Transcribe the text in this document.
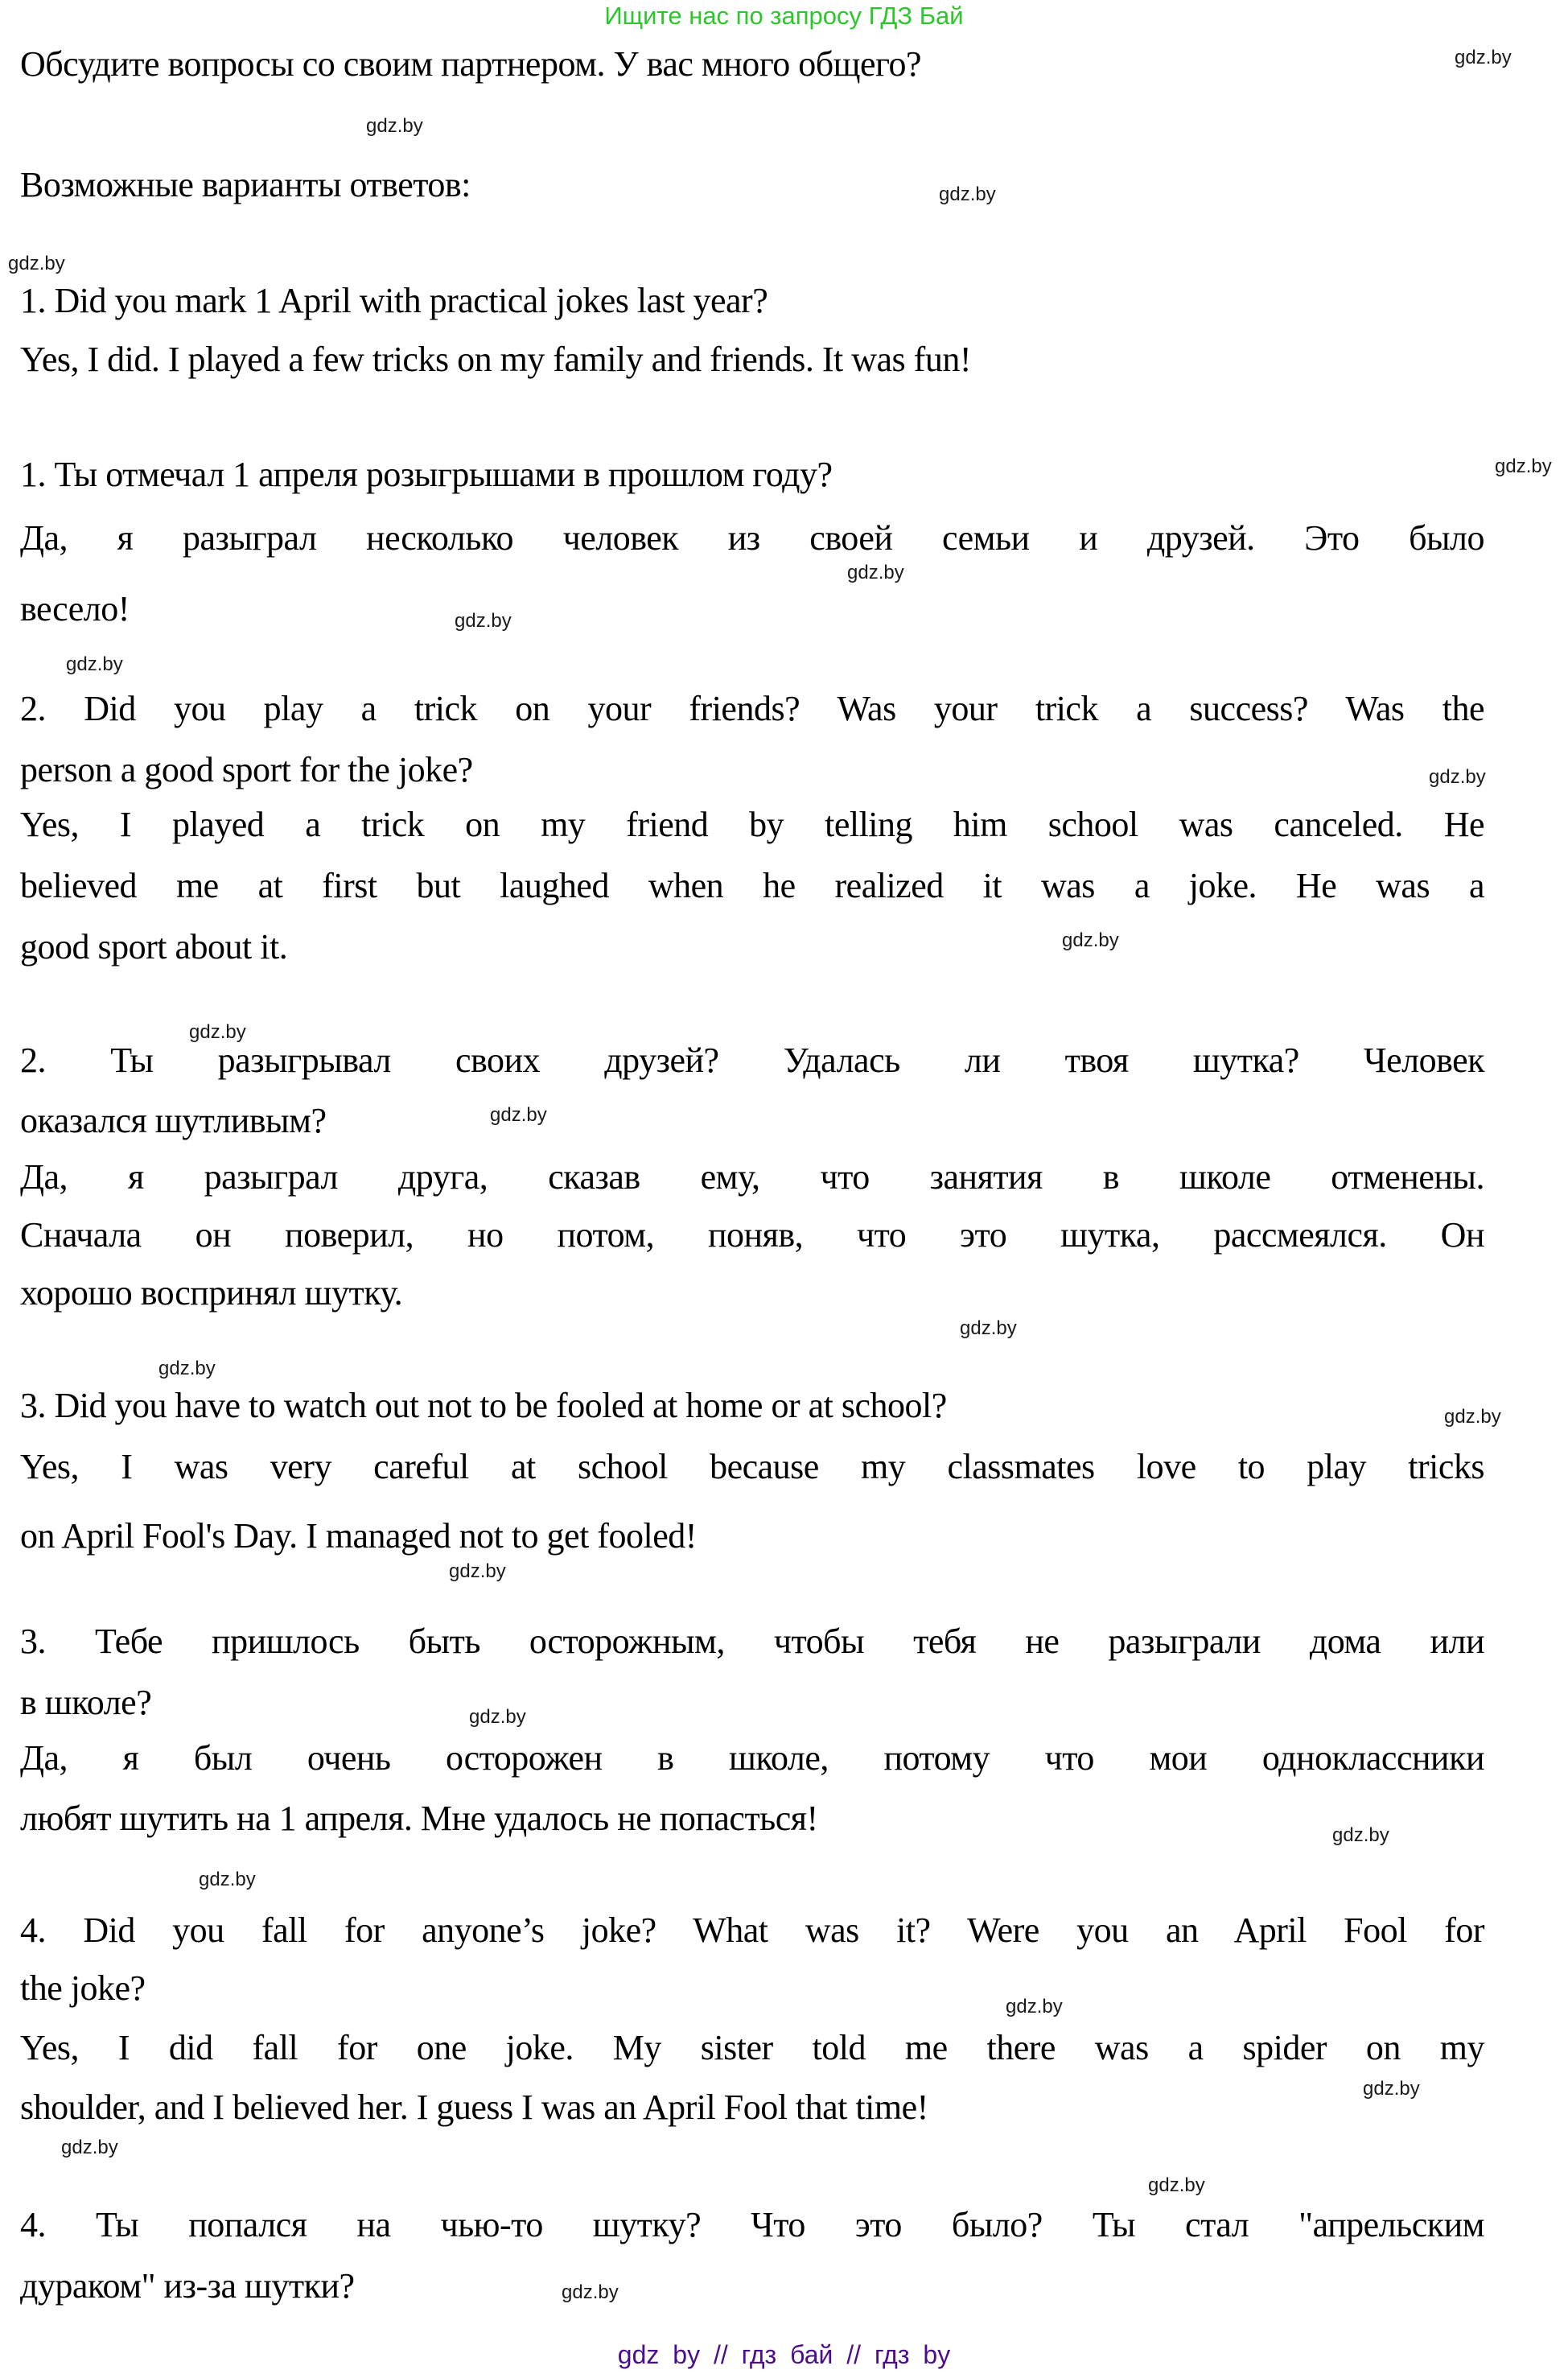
Ищите нас по запросу ГДЗ Бай
Обсудите вопросы со своим партнером. У вас много общего?
Возможные варианты ответов:
1. Did you mark 1 April with practical jokes last year?
Yes, I did. I played a few tricks on my family and friends. It was fun!
1. Ты отмечал 1 апреля розыгрышами в прошлом году?
Да, я разыграл несколько человек из своей семьи и друзей. Это было
весело!
2. Did you play a trick on your friends? Was your trick a success? Was the
person a good sport for the joke?
Yes, I played a trick on my friend by telling him school was canceled. He
believed me at first but laughed when he realized it was a joke. He was a
good sport about it.
2. Ты разыгрывал своих друзей? Удалась ли твоя шутка? Человек
оказался шутливым?
Да, я разыграл друга, сказав ему, что занятия в школе отменены.
Сначала он поверил, но потом, поняв, что это шутка, рассмеялся. Он
хорошо воспринял шутку.
3. Did you have to watch out not to be fooled at home or at school?
Yes, I was very careful at school because my classmates love to play tricks
on April Fool's Day. I managed not to get fooled!
3. Тебе пришлось быть осторожным, чтобы тебя не разыграли дома или
в школе?
Да, я был очень осторожен в школе, потому что мои одноклассники
любят шутить на 1 апреля. Мне удалось не попасться!
4. Did you fall for anyone’s joke? What was it? Were you an April Fool for
the joke?
Yes, I did fall for one joke. My sister told me there was a spider on my
shoulder, and I believed her. I guess I was an April Fool that time!
4. Ты попался на чью-то шутку? Что это было? Ты стал "апрельским
дураком" из-за шутки?
gdz.by
gdz.by
gdz.by
gdz.by
gdz.by
gdz.by
gdz.by
gdz.by
gdz.by
gdz.by
gdz.by
gdz.by
gdz.by
gdz.by
gdz.by
gdz.by
gdz.by
gdz.by
gdz.by
gdz.by
gdz.by
gdz.by
gdz.by
gdz.by
gdz by // гдз бай // гдз by
